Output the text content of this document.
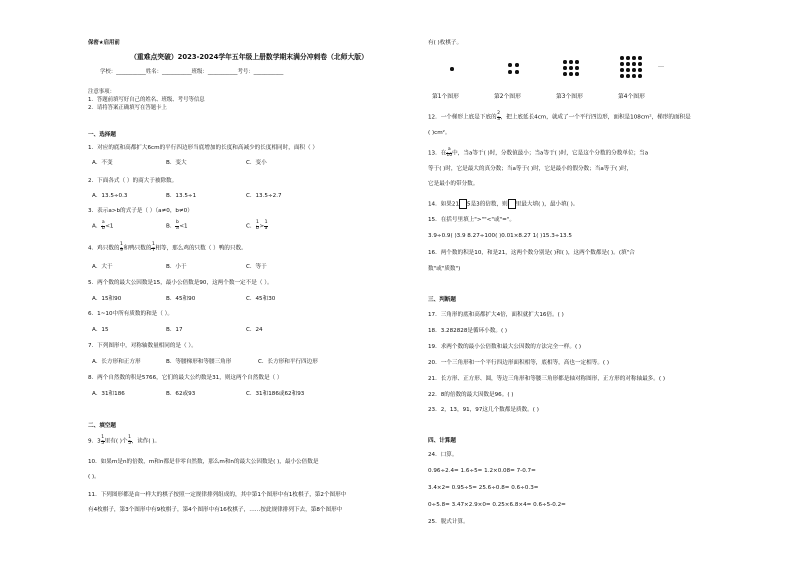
保密★启用前
（重难点突破）2023-2024学年五年级上册数学期末满分冲刺卷（北师大版）
学校：___________姓名：___________班级：___________考号：___________
注意事项：
1．答题前填写好自己的姓名、班级、考号等信息
2．请将答案正确填写在答题卡上
一、选择题
1．对应的底和高都扩大6cm的平行四边形当底增加的长度和高减少的长度相同时，面积（ ）
A．不变	B．变大	C．变小
2．下面各式（ ）的商大于被除数。
A．13.5÷0.3	B．13.5÷1	C．13.5÷2.7
3．表示a>b的式子是（ ）（a≠0，b≠0）
A． $\frac{a}{b} <1$	B． $\frac{b}{a} <1$	C． $\frac{1}{b} > \frac{1}{a}$
4．鸡只数的 $\frac{1}{9}$ 和鸭只数的 $\frac{1}{7}$ 相等，那么鸡的只数（ ）鸭的只数。
A．大于	B．小于	C．等于
5．两个数的最大公因数是15，最小公倍数是90，这两个数一定不是（ ）。
A．15和90	B．45和90	C．45和30
6．1~10中所有质数的和是（ ）。
A．15	B．17	C．24
7．下列图形中，对称轴数量相同的是（ ）。
A．长方形和正方形	B．等腰梯形和等腰三角形	C．长方形和平行四边形
8．两个自然数的积是5766，它们的最大公约数是31，则这两个自然数是（ ）
A．31和186	B．62或93	C．31和186或62和93
二、填空题
9．$3 \frac{1}{5}$ 里有( )个 $\frac{1}{5}$ ，读作( )。
10．如果m是n的倍数，m和n都是非零自然数，那么m和n的最大公因数是( )，最小公倍数是
( )。
11．下列图形都是由一样大的棋子按照一定规律排列组成的，其中第1个图形中有1枚棋子，第2个图形中
有4枚棋子，第3个图形中有9枚棋子，第4个图形中有16枚棋子，……按此规律排列下去，第8个图形中
有( )枚棋子。
…
第1个图形	第2个图形	第3个图形	第4个图形
12．一个梯形上底是下底的 $\frac{2}{3}$ ，把上底延长4cm，就成了一个平行四边形，面积是108cm²，梯形的面积是
( )cm²。
13．在 $\frac{a}{10}$ 中，当a等于( )时，分数值最小；当a等于( )时，它是这个分数的分数单位；当a
等于( )时，它是最大的真分数；当a等于( )时，它是最小的假分数；当a等于( )时，
它是最小的带分数。
14．如果21 5是3的倍数，则 里最大填( )，最小填( )。
15．在括号里填上">""<"或"="。
3.9÷0.9( )3.9 8.27÷100( )0.01×8.27 1( )15.3÷13.5
16．两个数的积是10，和是21，这两个数分别是( )和( )，这两个数都是( )。(填"合
数"或"质数")
三、判断题
17．三角形的底和高都扩大4倍，面积就扩大16倍。( )
18．3.282828是循环小数。( )
19．求两个数的最小公倍数和最大公因数的方法完全一样。( )
20．一个三角形和一个平行四边形面积相等，底相等，高也一定相等。( )
21．长方形、正方形、圆，等边三角形和等腰三角形都是轴对称图形，正方形的对称轴最多。( )
22．8的倍数的最大因数是96。( )
23．2，13，91，97这几个数都是质数。( )
四、计算题
24．口算。
0.96÷2.4= 1.6÷5= 1.2×0.08= 7-0.7=
3.4×2= 0.95÷5= 25.6÷0.8= 0.6÷0.3=
0÷5.8= 3.47×2.9×0= 0.25×6.8×4= 0.6÷5-0.2=
25．脱式计算。
